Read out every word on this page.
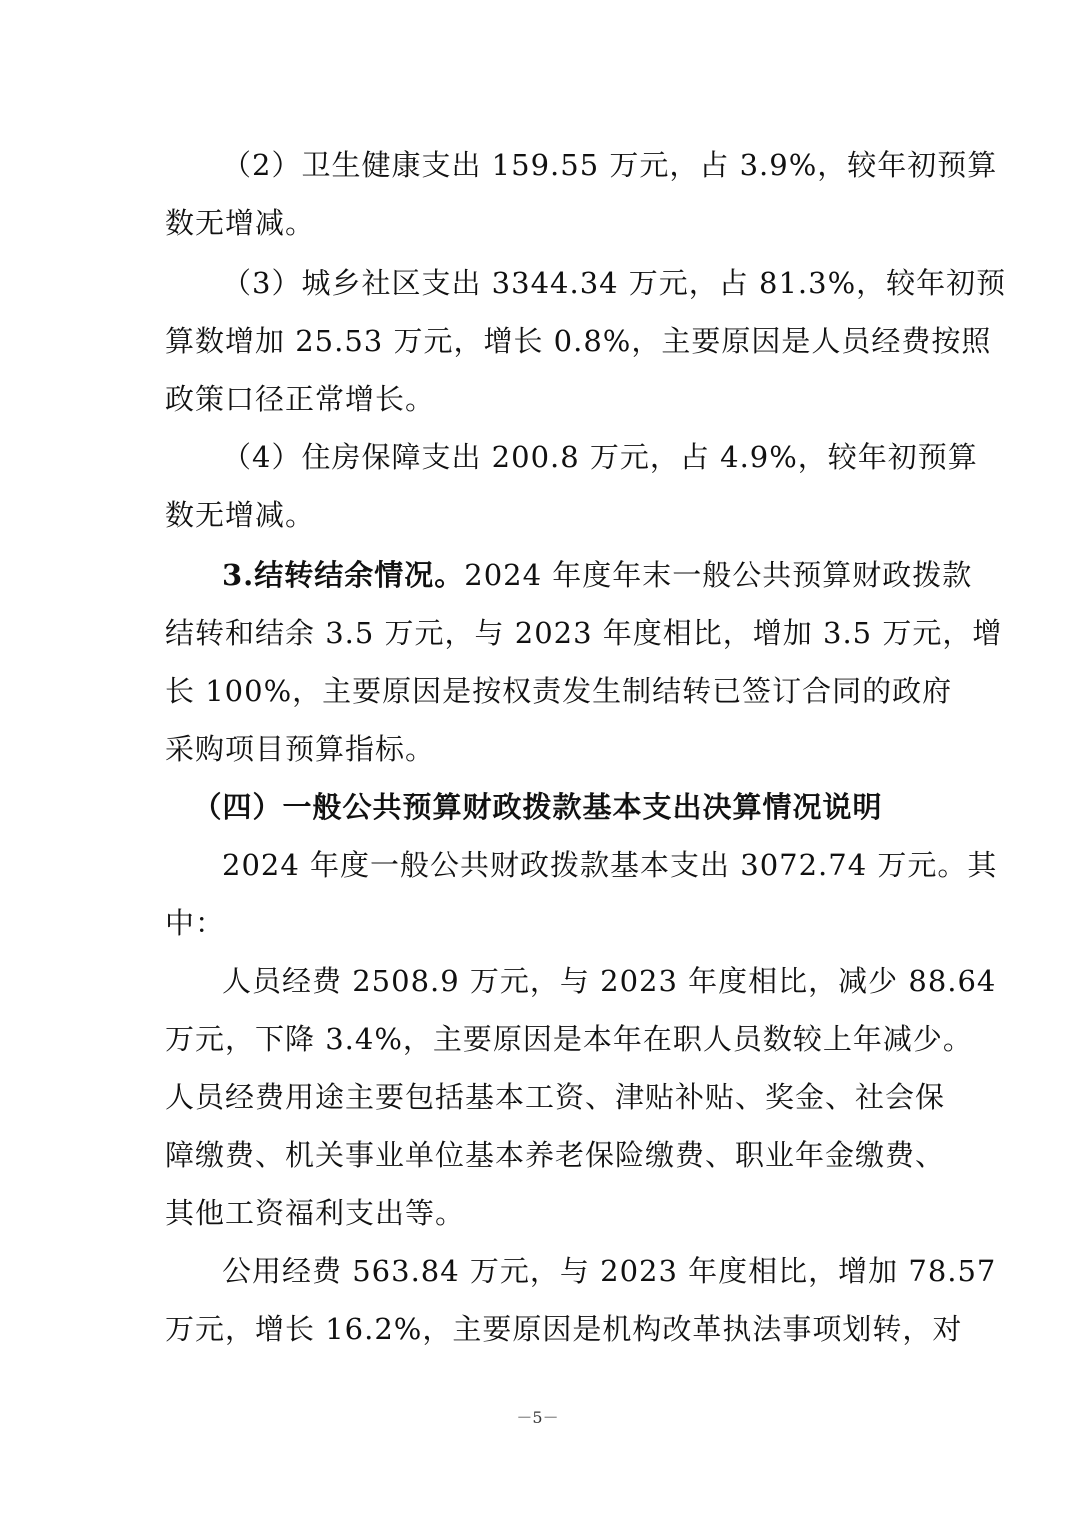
（2）卫生健康支出 159.55 万元，占 3.9%，较年初预算
数无增减。
（3）城乡社区支出 3344.34 万元，占 81.3%，较年初预
算数增加 25.53 万元，增长 0.8%，主要原因是人员经费按照
政策口径正常增长。
（4）住房保障支出 200.8 万元，占 4.9%，较年初预算
数无增减。
3.结转结余情况。2024 年度年末一般公共预算财政拨款
结转和结余 3.5 万元，与 2023 年度相比，增加 3.5 万元，增
长 100%，主要原因是按权责发生制结转已签订合同的政府
采购项目预算指标。
（四）一般公共预算财政拨款基本支出决算情况说明
2024 年度一般公共财政拨款基本支出 3072.74 万元。其
中：
人员经费 2508.9 万元，与 2023 年度相比，减少 88.64
万元，下降 3.4%，主要原因是本年在职人员数较上年减少。
人员经费用途主要包括基本工资、津贴补贴、奖金、社会保
障缴费、机关事业单位基本养老保险缴费、职业年金缴费、
其他工资福利支出等。
公用经费 563.84 万元，与 2023 年度相比，增加 78.57
万元，增长 16.2%，主要原因是机构改革执法事项划转，对
－5－
